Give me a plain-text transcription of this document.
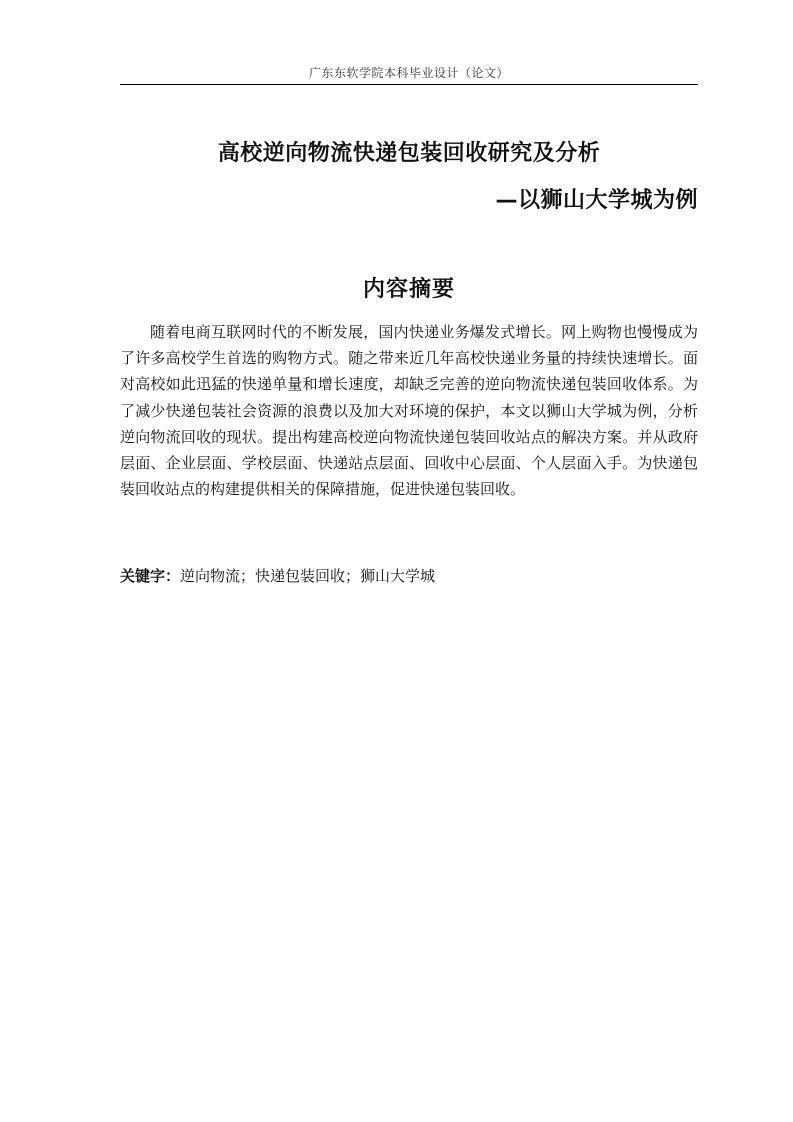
广东东软学院本科毕业设计（论文）
高校逆向物流快递包装回收研究及分析
—以狮山大学城为例
内容摘要

随着电商互联网时代的不断发展，国内快递业务爆发式增长。网上购物也慢慢成为了许多高校学生首选的购物方式。随之带来近几年高校快递业务量的持续快速增长。面对高校如此迅猛的快递单量和增长速度，却缺乏完善的逆向物流快递包装回收体系。为了减少快递包装社会资源的浪费以及加大对环境的保护，本文以狮山大学城为例，分析逆向物流回收的现状。提出构建高校逆向物流快递包装回收站点的解决方案。并从政府层面、企业层面、学校层面、快递站点层面、回收中心层面、个人层面入手。为快递包装回收站点的构建提供相关的保障措施，促进快递包装回收。

关键字：逆向物流；快递包装回收；狮山大学城
